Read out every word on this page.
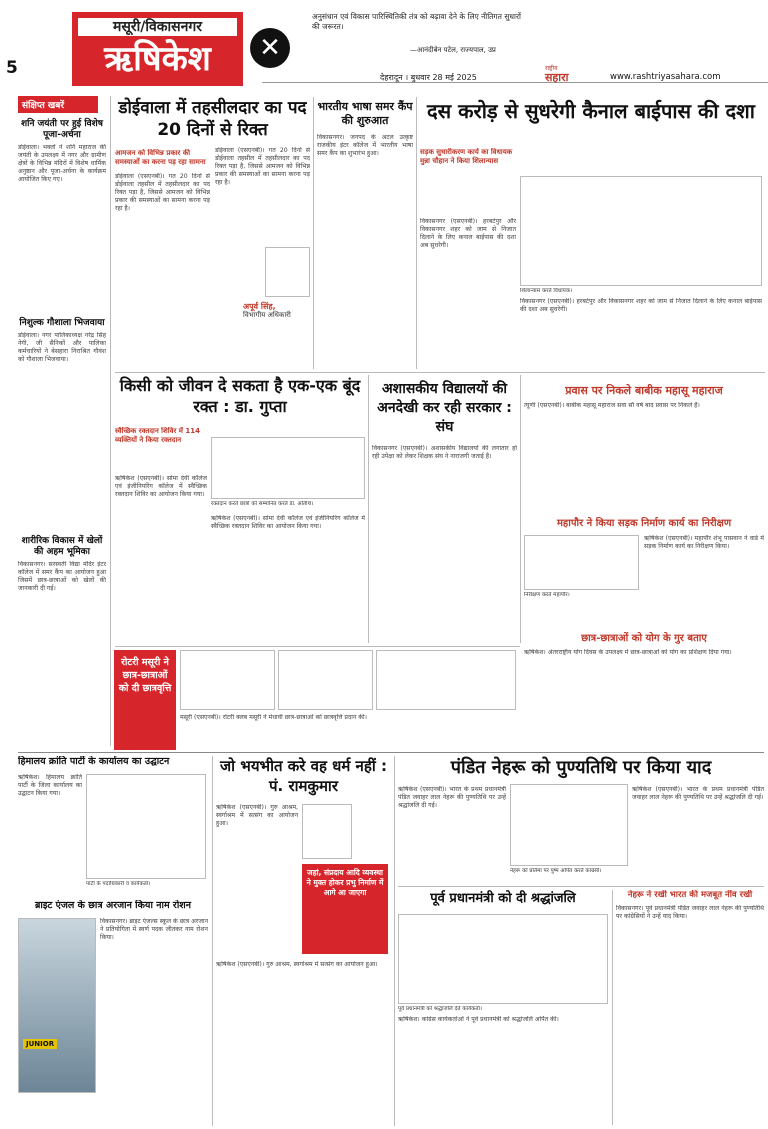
5
मसूरी/विकासनगर
ऋषिकेश	✕
अनुसंधान एवं विकास पारिस्थितिकी तंत्र को बढ़ावा देने के लिए नीतिगत सुधारों की जरूरत।
—आनंदीबेन पटेल, राज्यपाल, उप्र
देहरादून । बुधवार 28 मई 2025
राष्ट्रीय
सहारा	www.rashtriyasahara.com
संक्षिप्त खबरें
शनि जयंती पर हुई विशेष पूजा-अर्चना
डोईवाला। भक्तों ने शनि महाराज की जयंती के उपलक्ष्य में नगर और ग्रामीण क्षेत्रों के विभिन्न मंदिरों में विशेष धार्मिक अनुष्ठान और पूजा-अर्चना के कार्यक्रम आयोजित किए गए।
निशुल्क गौशाला भिजवाया
डोईवाला। नगर पालिकाध्यक्ष नरेंद्र सिंह नेगी, जी सैनिकों और पालिका कर्मचारियों ने बेसहारा निराश्रित गौवंश को गौशाला भिजवाया।
शारीरिक विकास में खेलों की अहम भूमिका
विकासनगर। सरस्वती विद्या मंदिर इंटर कॉलेज में समर कैंप का आयोजन हुआ जिसमें छात्र-छात्राओं को खेलों की जानकारी दी गई।
डोईवाला में तहसीलदार का पद 20 दिनों से रिक्त
आमजन को विभिन्न प्रकार की समस्याओं का करना पड़ रहा सामना
डोईवाला (एसएनबी)। गत 20 दिनों से डोईवाला तहसील में तहसीलदार का पद रिक्त पड़ा है, जिससे आमजन को विभिन्न प्रकार की समस्याओं का सामना करना पड़ रहा है।
अपूर्व सिंह,
विभागीय अधिकारी
डोईवाला (एसएनबी)। गत 20 दिनों से डोईवाला तहसील में तहसीलदार का पद रिक्त पड़ा है, जिससे आमजन को विभिन्न प्रकार की समस्याओं का सामना करना पड़ रहा है।
भारतीय भाषा समर कैंप की शुरुआत
विकासनगर। जनपद के अटल उत्कृष्ट राजकीय इंटर कॉलेज में भारतीय भाषा समर कैंप का शुभारंभ हुआ।
दस करोड़ से सुधरेगी कैनाल बाईपास की दशा
सड़क सुधारीकरण कार्य का विधायक मुन्ना चौहान ने किया शिलान्यास
शिलान्यास करते विधायक।
विकासनगर (एसएनबी)। हरबर्टपुर और विकासनगर शहर को जाम से निजात दिलाने के लिए कनाल बाईपास की दशा अब सुधरेगी।
विकासनगर (एसएनबी)। हरबर्टपुर और विकासनगर शहर को जाम से निजात दिलाने के लिए कनाल बाईपास की दशा अब सुधरेगी।
किसी को जीवन दे सकता है एक-एक बूंद रक्त : डा. गुप्ता
स्वैच्छिक रक्तदान शिविर में 114 व्यक्तियों ने किया रक्तदान
रक्तदान करते छात्रों को सम्मानित करते डा. अतिथि।
ऋषिकेश (एसएनबी)। सोमा देवी कॉलेज एवं इंजीनियरिंग कॉलेज में स्वैच्छिक रक्तदान शिविर का आयोजन किया गया।
ऋषिकेश (एसएनबी)। सोमा देवी कॉलेज एवं इंजीनियरिंग कॉलेज में स्वैच्छिक रक्तदान शिविर का आयोजन किया गया।
अशासकीय विद्यालयों की अनदेखी कर रही सरकार : संघ
विकासनगर (एसएनबी)। अशासकीय विद्यालयों की लगातार हो रही उपेक्षा को लेकर शिक्षक संघ ने नाराजगी जताई है।
प्रवास पर निकले बाबीक महासू महाराज
त्यूणी (एसएनबी)। बाबीक महासू महाराज सवा सौ वर्ष बाद प्रवास पर निकले हैं।
महापौर ने किया सड़क निर्माण कार्य का निरीक्षण
निरीक्षण करते महापौर।
ऋषिकेश (एसएनबी)। महापौर शंभू पासवान ने वार्ड में सड़क निर्माण कार्य का निरीक्षण किया।
छात्र-छात्राओं को योग के गुर बताए
ऋषिकेश। अंतरराष्ट्रीय योग दिवस के उपलक्ष्य में छात्र-छात्राओं को योग का प्रशिक्षण दिया गया।
रोटरी मसूरी ने छात्र-छात्राओं को दी छात्रवृत्ति
मसूरी (एसएनबी)। रोटरी क्लब मसूरी ने मेधावी छात्र-छात्राओं को छात्रवृत्ति प्रदान की।
हिमालय क्रांति पार्टी के कार्यालय का उद्घाटन
पार्टी के पदाधिकारी व कार्यकर्ता।
ऋषिकेश। हिमालय क्रांति पार्टी के जिला कार्यालय का उद्घाटन किया गया।
ब्राइट एंजल के छात्र अरजान किया नाम रोशन
JUNIOR
विकासनगर। ब्राइट एंजल्स स्कूल के छात्र अरजान ने प्रतियोगिता में स्वर्ण पदक जीतकर नाम रोशन किया।
जो भयभीत करे वह धर्म नहीं : पं. रामकुमार
ऋषिकेश (एसएनबी)। गुरु आश्रम, स्वर्गाश्रम में सत्संग का आयोजन हुआ।
जहां, संप्रदाय आदि व्यवस्था ने मुक्त होकर प्रभु निर्माण में आगे आ जाएगा
ऋषिकेश (एसएनबी)। गुरु आश्रम, स्वर्गाश्रम में सत्संग का आयोजन हुआ।
पंडित नेहरू को पुण्यतिथि पर किया याद
ऋषिकेश (एसएनबी)। भारत के प्रथम प्रधानमंत्री पंडित जवाहर लाल नेहरू की पुण्यतिथि पर उन्हें श्रद्धांजलि दी गई।
नेहरू को प्रतिमा पर पुष्प अर्पित करते कांग्रेसी।
ऋषिकेश (एसएनबी)। भारत के प्रथम प्रधानमंत्री पंडित जवाहर लाल नेहरू की पुण्यतिथि पर उन्हें श्रद्धांजलि दी गई।
पूर्व प्रधानमंत्री को दी श्रद्धांजलि
पूर्व प्रधानमंत्री को श्रद्धांजलि देते कार्यकर्ता।
ऋषिकेश। कांग्रेस कार्यकर्ताओं ने पूर्व प्रधानमंत्री को श्रद्धांजलि अर्पित की।
नेहरू ने रखी भारत की मजबूत नींव रखी
विकासनगर। पूर्व प्रधानमंत्री पंडित जवाहर लाल नेहरू की पुण्यतिथि पर कांग्रेसियों ने उन्हें याद किया।
